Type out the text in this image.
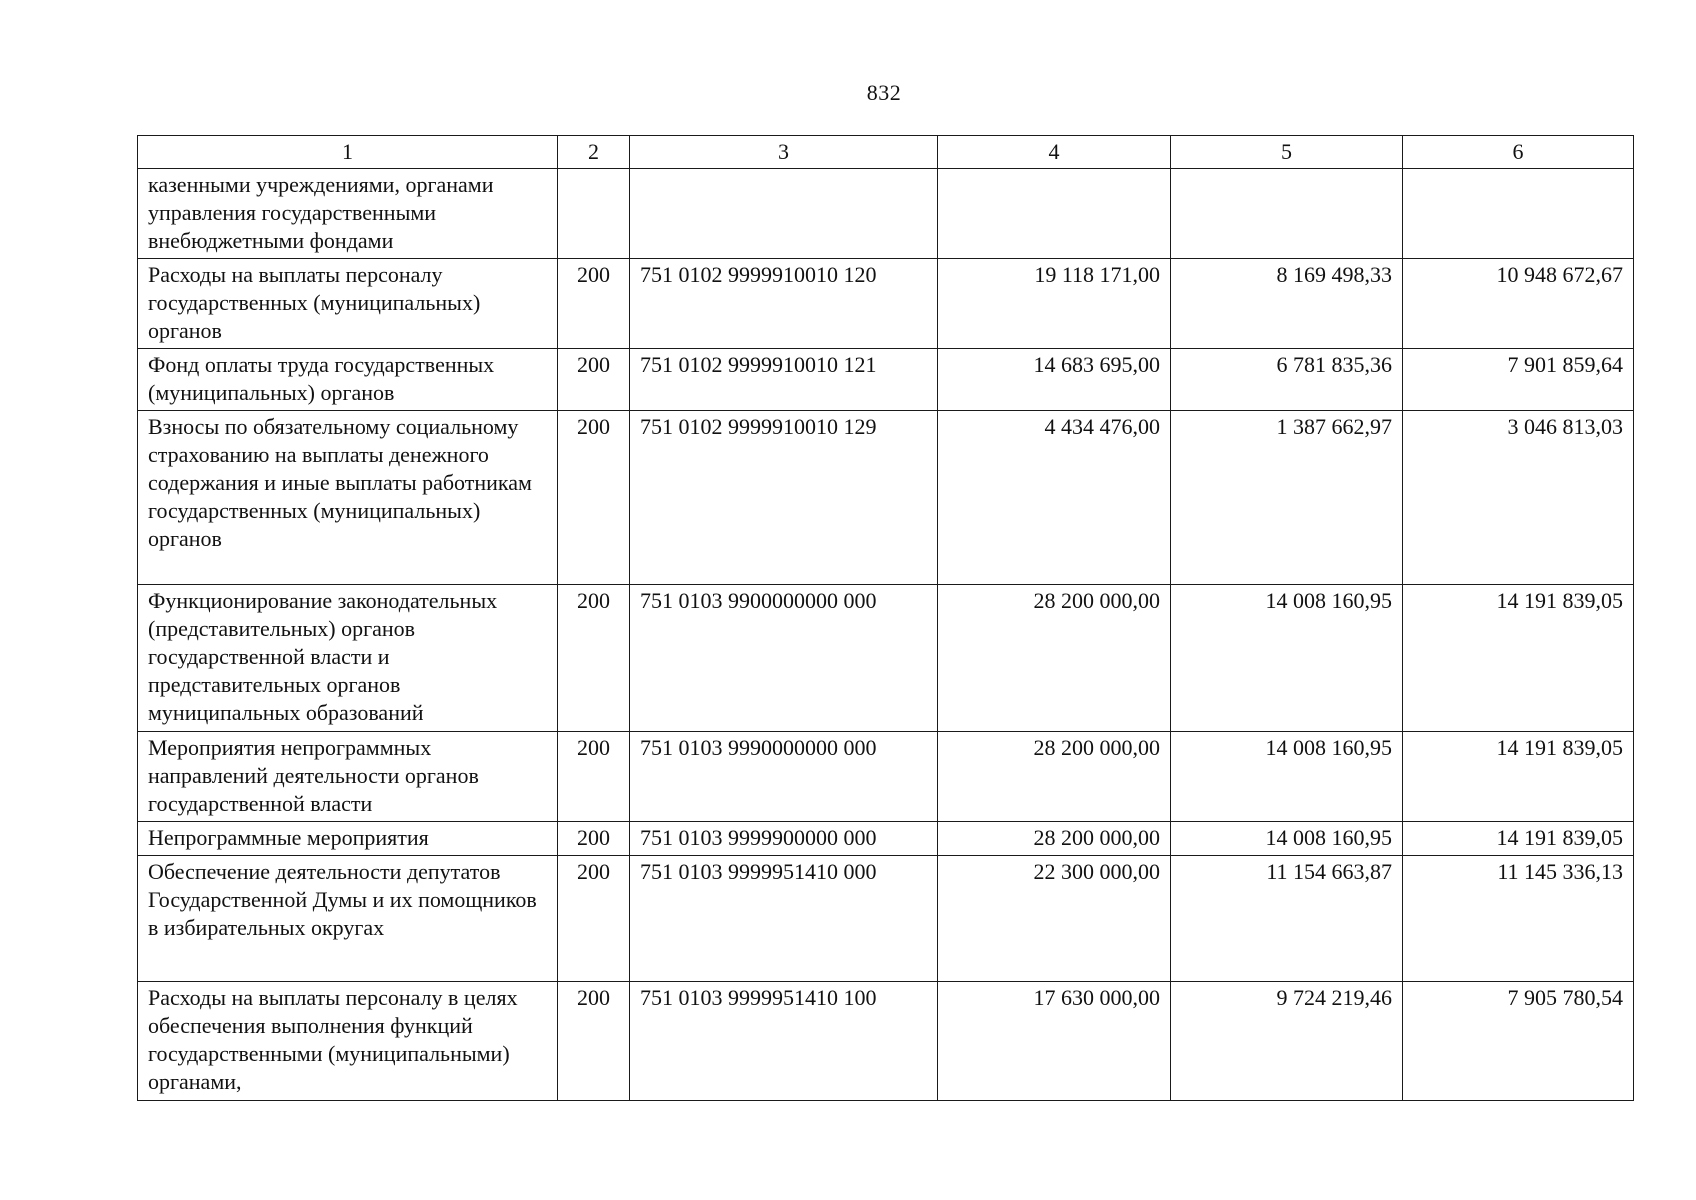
832
1	2	3	4	5	6
казенными учреждениями, органами управления государственными внебюджетными фондами					
Расходы на выплаты персоналу государственных (муниципальных) органов	200	751 0102 9999910010 120	19 118 171,00	8 169 498,33	10 948 672,67
Фонд оплаты труда государственных (муниципальных) органов	200	751 0102 9999910010 121	14 683 695,00	6 781 835,36	7 901 859,64
Взносы по обязательному социальному страхованию на выплаты денежного содержания и иные выплаты работникам государственных (муниципальных) органов	200	751 0102 9999910010 129	4 434 476,00	1 387 662,97	3 046 813,03
Функционирование законодательных (представительных) органов государственной власти и представительных органов муниципальных образований	200	751 0103 9900000000 000	28 200 000,00	14 008 160,95	14 191 839,05
Мероприятия непрограммных направлений деятельности органов государственной власти	200	751 0103 9990000000 000	28 200 000,00	14 008 160,95	14 191 839,05
Непрограммные мероприятия	200	751 0103 9999900000 000	28 200 000,00	14 008 160,95	14 191 839,05
Обеспечение деятельности депутатов Государственной Думы и их помощников в избирательных округах	200	751 0103 9999951410 000	22 300 000,00	11 154 663,87	11 145 336,13
Расходы на выплаты персоналу в целях обеспечения выполнения функций государственными (муниципальными) органами,	200	751 0103 9999951410 100	17 630 000,00	9 724 219,46	7 905 780,54
